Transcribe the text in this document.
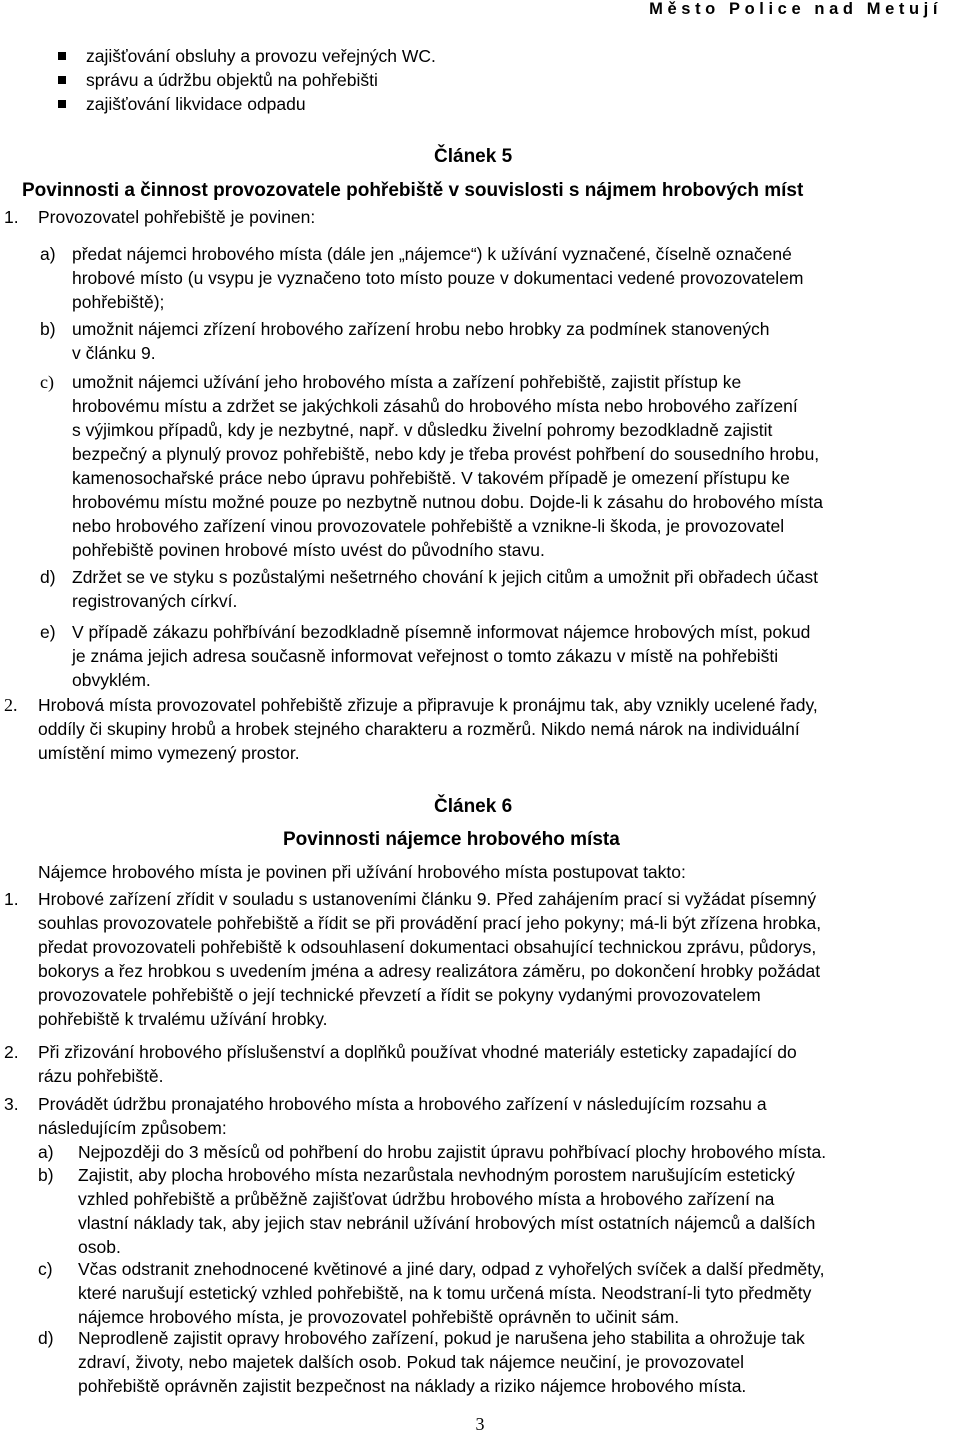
Město Police nad Metují
zajišťování obsluhy a provozu veřejných WC.
správu a údržbu objektů na pohřebišti
zajišťování likvidace odpadu
Článek 5
Povinnosti a činnost provozovatele pohřebiště v souvislosti s nájmem hrobových míst
1. Provozovatel pohřebiště je povinen:
a) předat nájemci hrobového místa (dále jen „nájemce“) k užívání vyznačené, číselně označené
hrobové místo (u vsypu je vyznačeno toto místo pouze v dokumentaci vedené provozovatelem
pohřebiště);
b) umožnit nájemci zřízení hrobového zařízení hrobu nebo hrobky za podmínek stanovených
v článku 9.
c) umožnit nájemci užívání jeho hrobového místa a zařízení pohřebiště, zajistit přístup ke
hrobovému místu a zdržet se jakýchkoli zásahů do hrobového místa nebo hrobového zařízení
s výjimkou případů, kdy je nezbytné, např. v důsledku živelní pohromy bezodkladně zajistit
bezpečný a plynulý provoz pohřebiště, nebo kdy je třeba provést pohřbení do sousedního hrobu,
kamenosochařské práce nebo úpravu pohřebiště. V takovém případě je omezení přístupu ke
hrobovému místu možné pouze po nezbytně nutnou dobu. Dojde-li k zásahu do hrobového místa
nebo hrobového zařízení vinou provozovatele pohřebiště a vznikne-li škoda, je provozovatel
pohřebiště povinen hrobové místo uvést do původního stavu.
d) Zdržet se ve styku s pozůstalými nešetrného chování k jejich citům a umožnit při obřadech účast
registrovaných církví.
e) V případě zákazu pohřbívání bezodkladně písemně informovat nájemce hrobových míst, pokud
je známa jejich adresa současně informovat veřejnost o tomto zákazu v místě na pohřebišti
obvyklém.
2. Hrobová místa provozovatel pohřebiště zřizuje a připravuje k pronájmu tak, aby vznikly ucelené řady,
oddíly či skupiny hrobů a hrobek stejného charakteru a rozměrů. Nikdo nemá nárok na individuální
umístění mimo vymezený prostor.
Článek 6
Povinnosti nájemce hrobového místa
Nájemce hrobového místa je povinen při užívání hrobového místa postupovat takto:
1. Hrobové zařízení zřídit v souladu s ustanoveními článku 9. Před zahájením prací si vyžádat písemný
souhlas provozovatele pohřebiště a řídit se při provádění prací jeho pokyny; má-li být zřízena hrobka,
předat provozovateli pohřebiště k odsouhlasení dokumentaci obsahující technickou zprávu, půdorys,
bokorys a řez hrobkou s uvedením jména a adresy realizátora záměru, po dokončení hrobky požádat
provozovatele pohřebiště o její technické převzetí a řídit se pokyny vydanými provozovatelem
pohřebiště k trvalému užívání hrobky.
2. Při zřizování hrobového příslušenství a doplňků používat vhodné materiály esteticky zapadající do
rázu pohřebiště.
3. Provádět údržbu pronajatého hrobového místa a hrobového zařízení v následujícím rozsahu a
následujícím způsobem:
a) Nejpozději do 3 měsíců od pohřbení do hrobu zajistit úpravu pohřbívací plochy hrobového místa.
b) Zajistit, aby plocha hrobového místa nezarůstala nevhodným porostem narušujícím estetický
vzhled pohřebiště a průběžně zajišťovat údržbu hrobového místa a hrobového zařízení na
vlastní náklady tak, aby jejich stav nebránil užívání hrobových míst ostatních nájemců a dalších
osob.
c) Včas odstranit znehodnocené květinové a jiné dary, odpad z vyhořelých svíček a další předměty,
které narušují estetický vzhled pohřebiště, na k tomu určená místa. Neodstraní-li tyto předměty
nájemce hrobového místa, je provozovatel pohřebiště oprávněn to učinit sám.
d) Neprodleně zajistit opravy hrobového zařízení, pokud je narušena jeho stabilita a ohrožuje tak
zdraví, životy, nebo majetek dalších osob. Pokud tak nájemce neučiní, je provozovatel
pohřebiště oprávněn zajistit bezpečnost na náklady a riziko nájemce hrobového místa.
3
